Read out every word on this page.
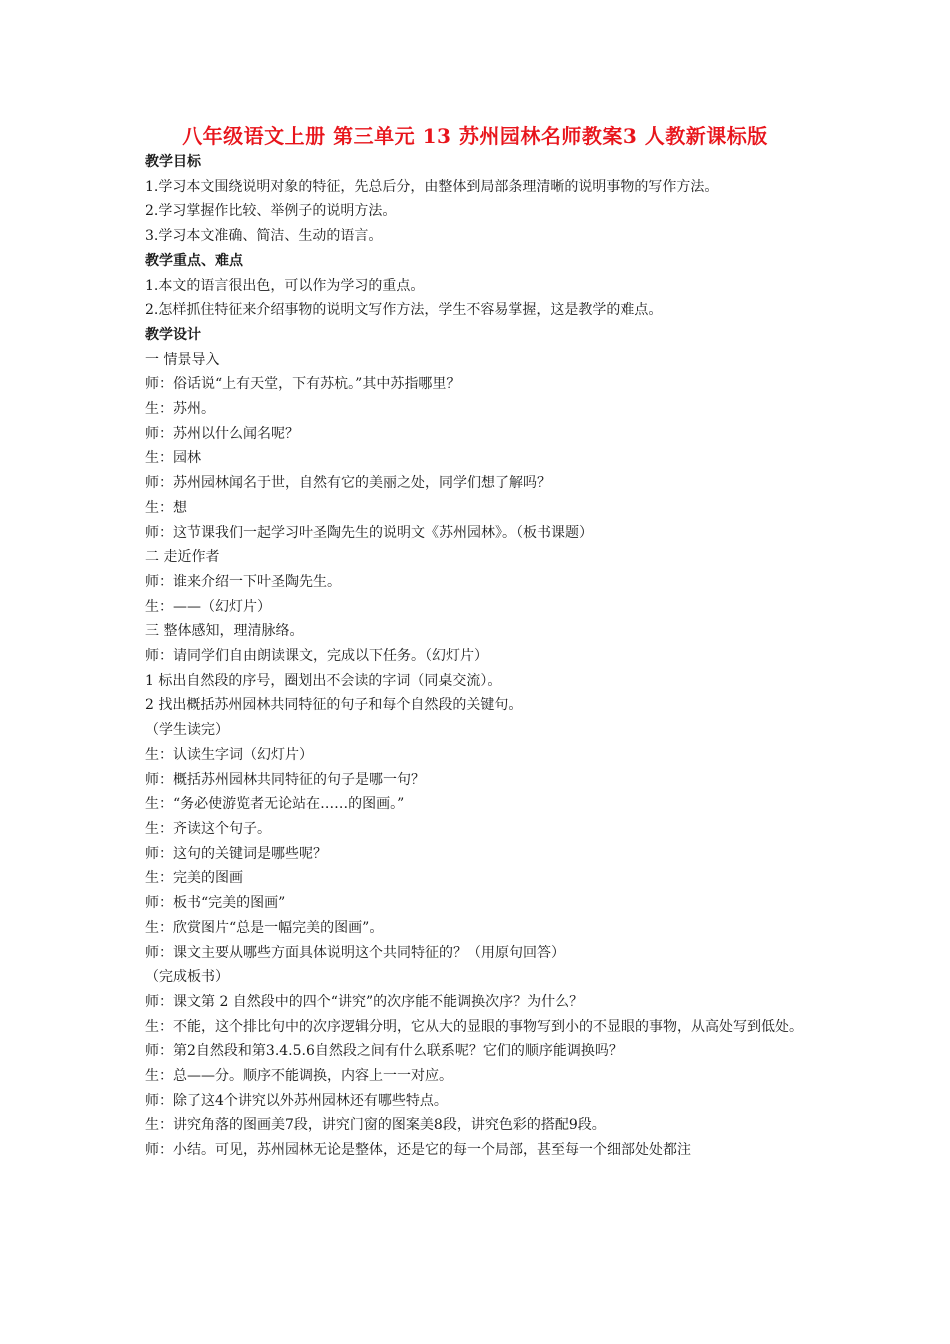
八年级语文上册 第三单元 13 苏州园林名师教案3 人教新课标版

教学目标

1.学习本文围绕说明对象的特征，先总后分，由整体到局部条理清晰的说明事物的写作方法。

2.学习掌握作比较、举例子的说明方法。

3.学习本文准确、简洁、生动的语言。

教学重点、难点

1.本文的语言很出色，可以作为学习的重点。

2.怎样抓住特征来介绍事物的说明文写作方法，学生不容易掌握，这是教学的难点。

教学设计

一 情景导入

师：俗话说“上有天堂，下有苏杭。”其中苏指哪里？

生：苏州。

师：苏州以什么闻名呢？

生：园林

师：苏州园林闻名于世，自然有它的美丽之处，同学们想了解吗？

生：想

师：这节课我们一起学习叶圣陶先生的说明文《苏州园林》。（板书课题）

二 走近作者

师：谁来介绍一下叶圣陶先生。

生：——（幻灯片）

三 整体感知，理清脉络。

师：请同学们自由朗读课文，完成以下任务。（幻灯片）

1 标出自然段的序号，圈划出不会读的字词（同桌交流）。

2 找出概括苏州园林共同特征的句子和每个自然段的关键句。

（学生读完）

生：认读生字词（幻灯片）

师：概括苏州园林共同特征的句子是哪一句？

生：“务必使游览者无论站在……的图画。”

生：齐读这个句子。

师：这句的关键词是哪些呢？

生：完美的图画

师：板书“完美的图画”

生：欣赏图片“总是一幅完美的图画”。

师：课文主要从哪些方面具体说明这个共同特征的？（用原句回答）

（完成板书）

师：课文第 2 自然段中的四个“讲究”的次序能不能调换次序？为什么？

生：不能，这个排比句中的次序逻辑分明，它从大的显眼的事物写到小的不显眼的事物，从高处写到低处。

师：第2自然段和第3.4.5.6自然段之间有什么联系呢？它们的顺序能调换吗？

生：总——分。顺序不能调换，内容上一一对应。

师：除了这4个讲究以外苏州园林还有哪些特点。

生：讲究角落的图画美7段，讲究门窗的图案美8段，讲究色彩的搭配9段。

师：小结。可见，苏州园林无论是整体，还是它的每一个局部，甚至每一个细部处处都注
